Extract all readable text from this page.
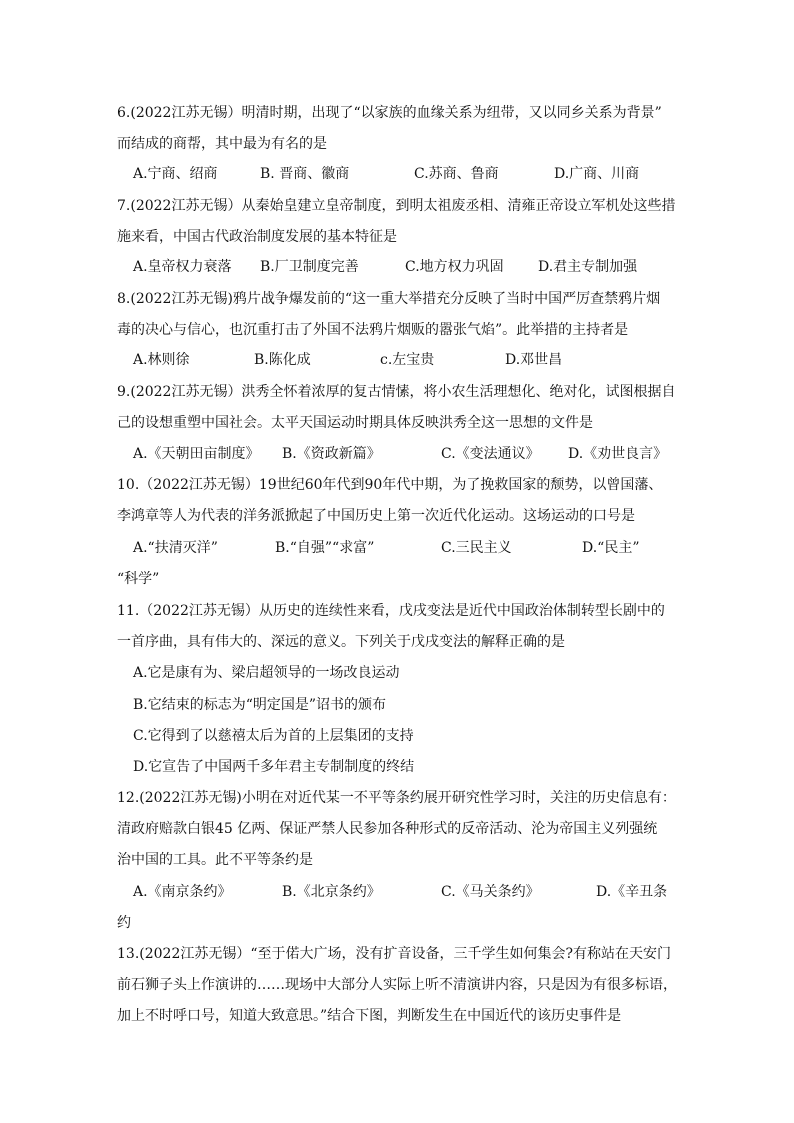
6.(2022江苏无锡）明清时期，出现了“以家族的血缘关系为纽带，又以同乡关系为背景”
而结成的商帮，其中最为有名的是
A.宁商、绍商	B. 晋商、徽商	C.苏商、鲁商	D.广商、川商
7.(2022江苏无锡）从秦始皇建立皇帝制度，到明太祖废丞相、清雍正帝设立军机处这些措
施来看，中国古代政治制度发展的基本特征是
A.皇帝权力衰落 B.厂卫制度完善	C.地方权力巩固 D.君主专制加强
8.(2022江苏无锡)鸦片战争爆发前的“这一重大举措充分反映了当时中国严厉查禁鸦片烟
毒的决心与信心，也沉重打击了外国不法鸦片烟贩的嚣张气焰”。此举措的主持者是
A.林则徐	B.陈化成	c.左宝贵	D.邓世昌
9.(2022江苏无锡）洪秀全怀着浓厚的复古情愫，将小农生活理想化、绝对化，试图根据自
己的设想重塑中国社会。太平天国运动时期具体反映洪秀全这一思想的文件是
A.《天朝田亩制度》 B.《资政新篇》	C.《变法通议》 D.《劝世良言》
10.（2022江苏无锡）19世纪60年代到90年代中期，为了挽救国家的颓势，以曾国藩、
李鸿章等人为代表的洋务派掀起了中国历史上第一次近代化运动。这场运动的口号是
A.“扶清灭洋”	B.“自强”“求富”	C.三民主义	D.“民主”
“科学”
11.（2022江苏无锡）从历史的连续性来看，戊戌变法是近代中国政治体制转型长剧中的
一首序曲，具有伟大的、深远的意义。下列关于戊戌变法的解释正确的是
A.它是康有为、梁启超领导的一场改良运动
B.它结束的标志为“明定国是”诏书的颁布
C.它得到了以慈禧太后为首的上层集团的支持
D.它宣告了中国两千多年君主专制制度的终结
12.(2022江苏无锡)小明在对近代某一不平等条约展开研究性学习时，关注的历史信息有：
清政府赔款白银45 亿两、保证严禁人民参加各种形式的反帝活动、沦为帝国主义列强统
治中国的工具。此不平等条约是
A.《南京条约》	B.《北京条约》	C.《马关条约》	D.《辛丑条
约
13.(2022江苏无锡）“至于偌大广场，没有扩音设备，三千学生如何集会?有称站在天安门
前石狮子头上作演讲的……现场中大部分人实际上听不清演讲内容，只是因为有很多标语，
加上不时呼口号，知道大致意思。”结合下图，判断发生在中国近代的该历史事件是
